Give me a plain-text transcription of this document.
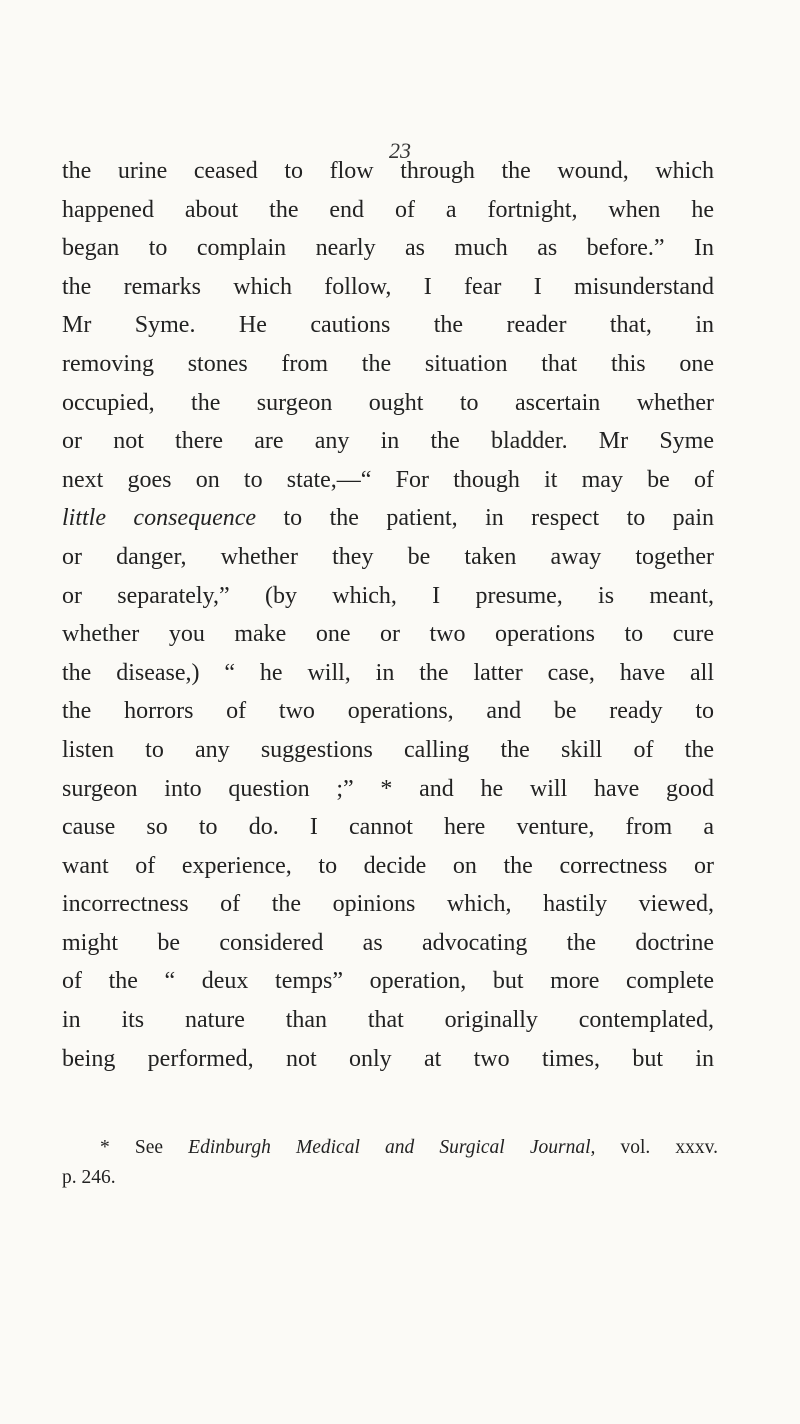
23
the urine ceased to flow through the wound, which
happened about the end of a fortnight, when he
began to complain nearly as much as before.” In
the remarks which follow, I fear I misunderstand
Mr Syme. He cautions the reader that, in
removing stones from the situation that this one
occupied, the surgeon ought to ascertain whether
or not there are any in the bladder. Mr Syme
next goes on to state,—“ For though it may be of
little consequence to the patient, in respect to pain
or danger, whether they be taken away together
or separately,” (by which, I presume, is meant,
whether you make one or two operations to cure
the disease,) “ he will, in the latter case, have all
the horrors of two operations, and be ready to
listen to any suggestions calling the skill of the
surgeon into question ;” * and he will have good
cause so to do. I cannot here venture, from a
want of experience, to decide on the correctness or
incorrectness of the opinions which, hastily viewed,
might be considered as advocating the doctrine
of the “ deux temps” operation, but more complete
in its nature than that originally contemplated,
being performed, not only at two times, but in
* See Edinburgh Medical and Surgical Journal, vol. xxxv.
p. 246.
